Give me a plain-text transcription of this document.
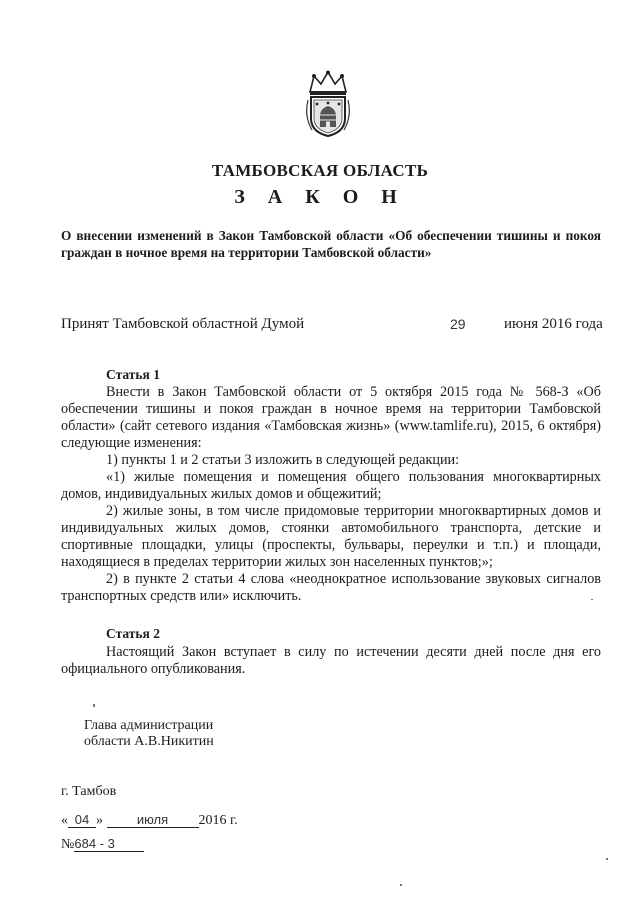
ТАМБОВСКАЯ ОБЛАСТЬ
З А К О Н
О внесении изменений в Закон Тамбовской области «Об обеспечении тишины и покоя граждан в ночное время на территории Тамбовской области»
Принят Тамбовской областной Думой	29	июня 2016 года
Статья 1

Внести в Закон Тамбовской области от 5 октября 2015 года № 568-З «Об обеспечении тишины и покоя граждан в ночное время на территории Тамбовской области» (сайт сетевого издания «Тамбовская жизнь» (www.tamlife.ru), 2015, 6 октября) следующие изменения:

1) пункты 1 и 2 статьи 3 изложить в следующей редакции:

«1) жилые помещения и помещения общего пользования многоквартирных домов, индивидуальных жилых домов и общежитий;

2) жилые зоны, в том числе придомовые территории многоквартирных домов и индивидуальных жилых домов, стоянки автомобильного транспорта, детские и спортивные площадки, улицы (проспекты, бульвары, переулки и т.п.) и площади, находящиеся в пределах территории жилых зон населенных пунктов;»;

2) в пункте 2 статьи 4 слова «неоднократное использование звуковых сигналов транспортных средств или» исключить.

Статья 2

Настоящий Закон вступает в силу по истечении десяти дней после дня его официального опубликования.

Глава администрации
области А.В.Никитин
г. Тамбов
« 04 »	июля 2016 г.
№684 - 3
